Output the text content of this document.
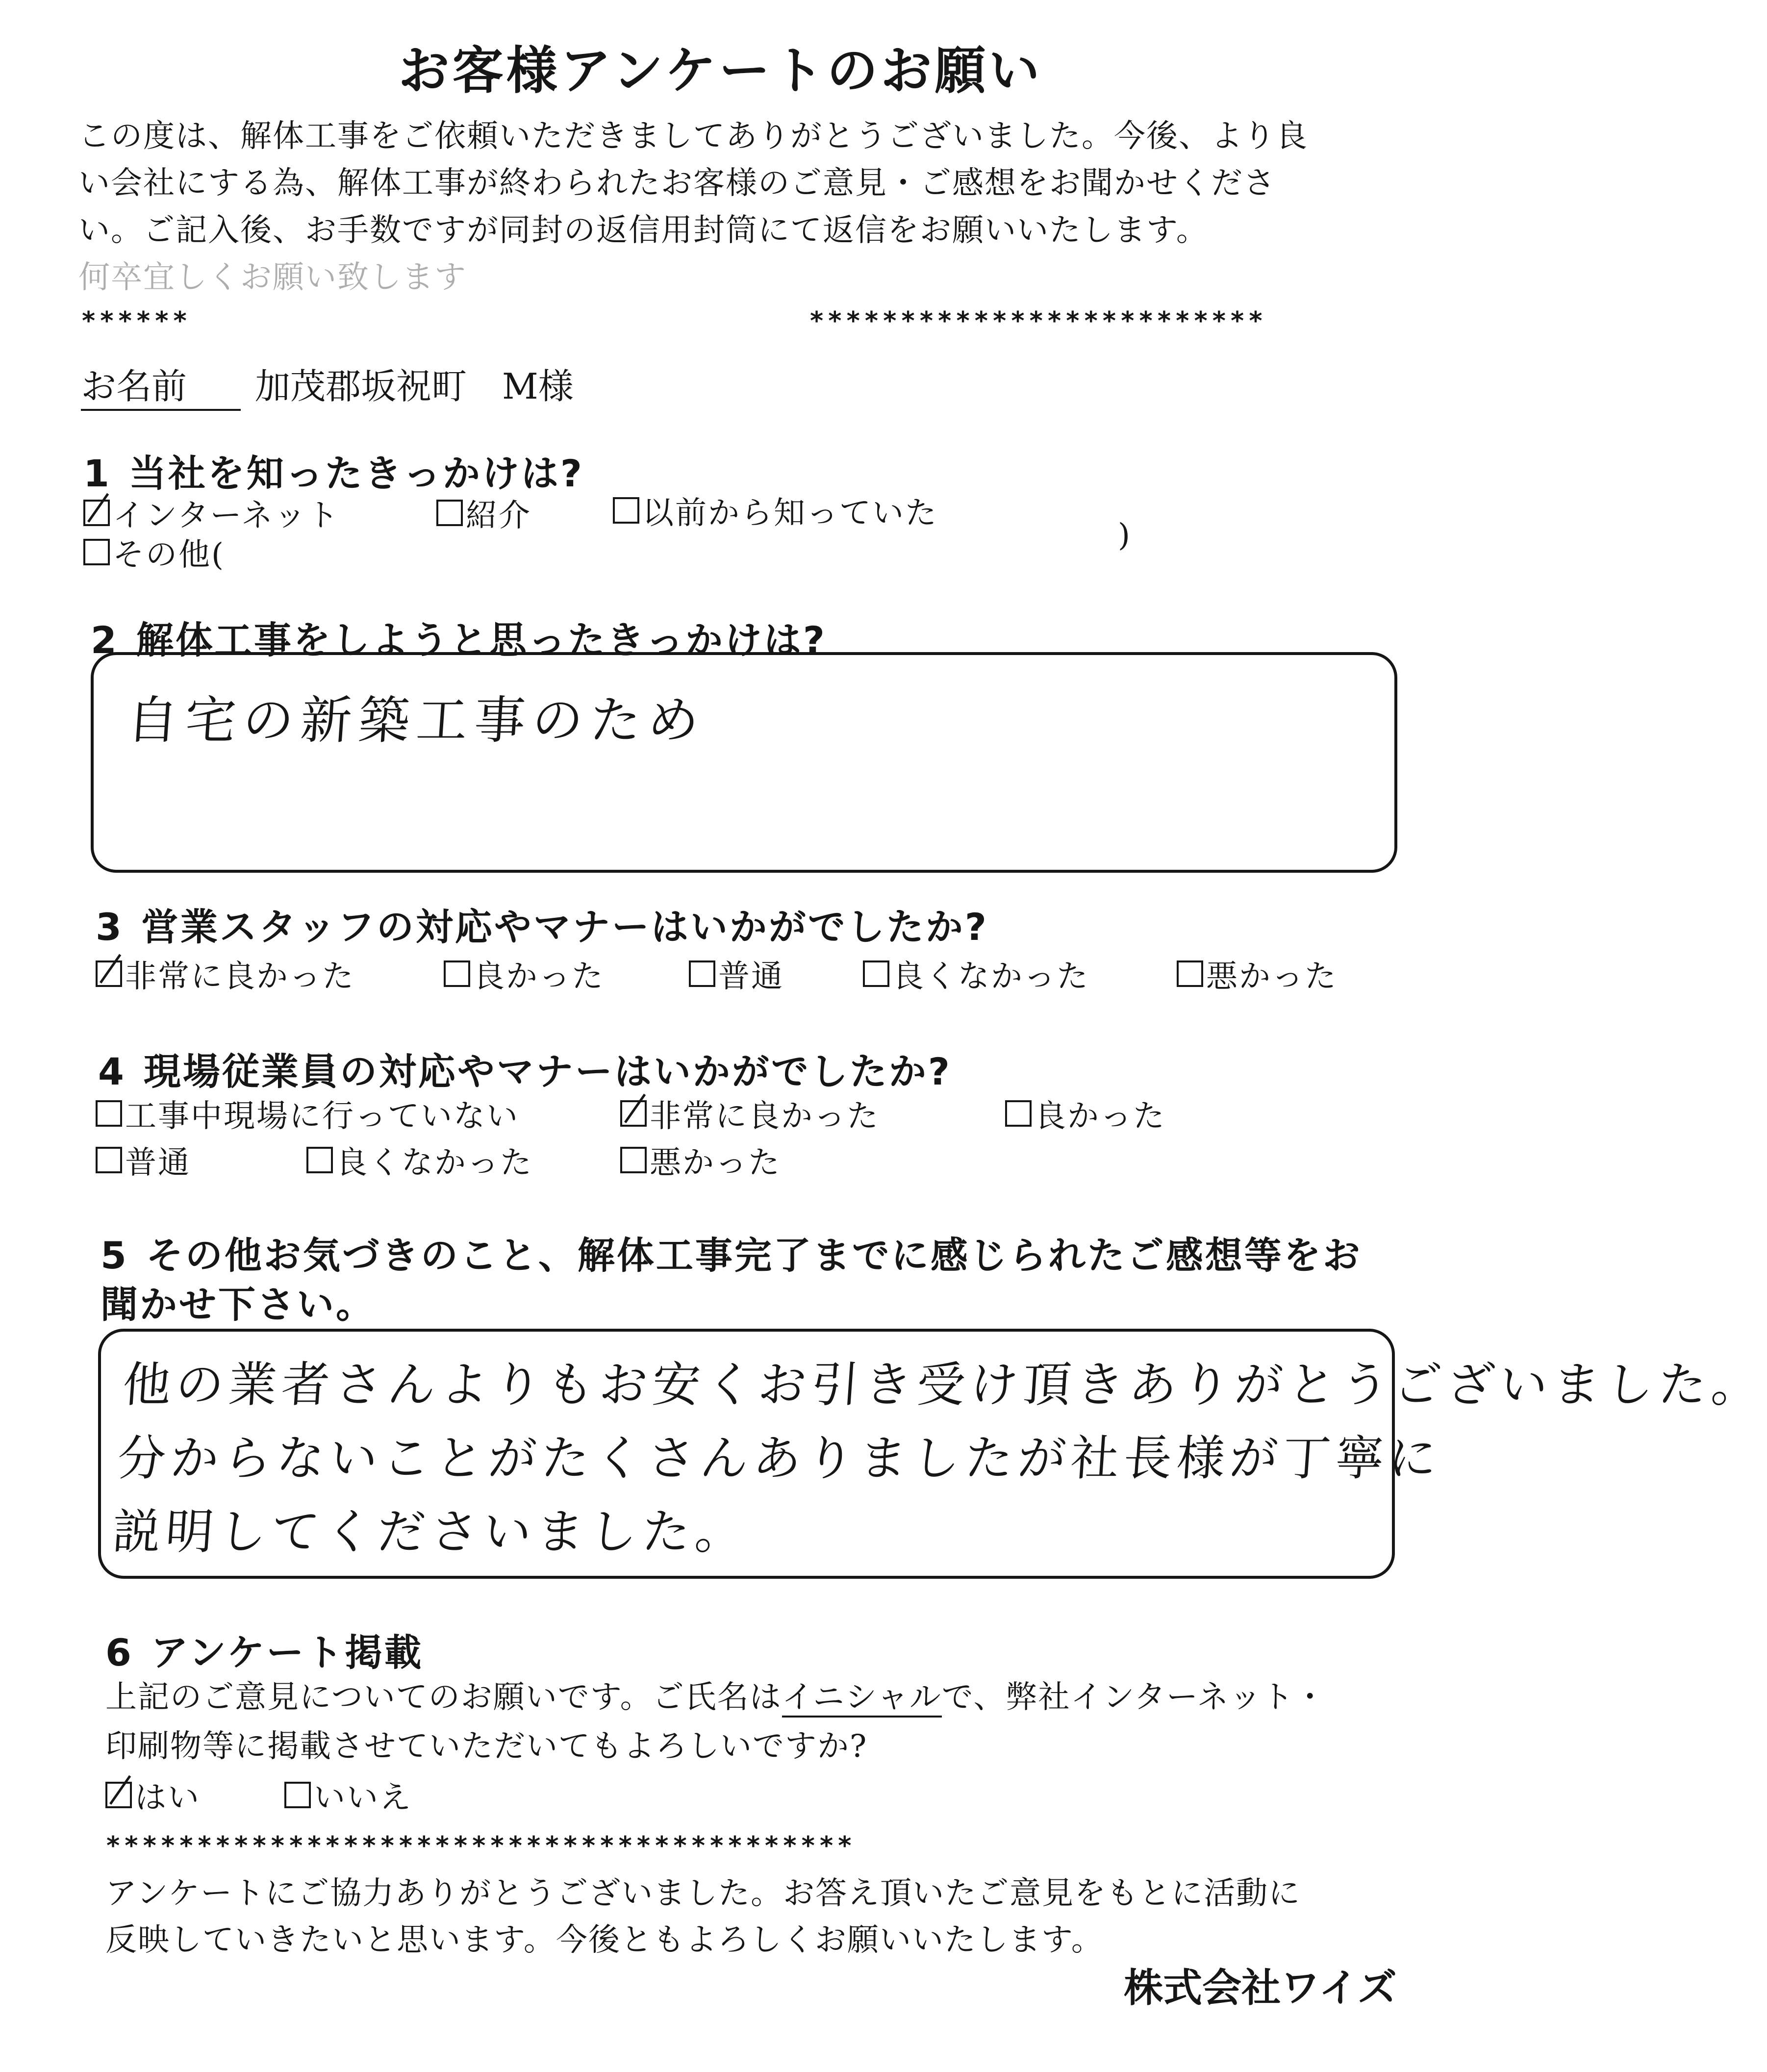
お客様アンケートのお願い
この度は、解体工事をご依頼いただきましてありがとうございました。今後、より良
い会社にする為、解体工事が終わられたお客様のご意見・ご感想をお聞かせくださ
い。ご記入後、お手数ですが同封の返信用封筒にて返信をお願いいたします。
何卒宜しくお願い致します
******	*************************
お名前	加茂郡坂祝町　M様
1 当社を知ったきっかけは?
インターネット	紹介	以前から知っていた
その他(
)
2 解体工事をしようと思ったきっかけは?
自宅の新築工事のため
3 営業スタッフの対応やマナーはいかがでしたか?
非常に良かった	良かった	普通	良くなかった	悪かった
4 現場従業員の対応やマナーはいかがでしたか?
工事中現場に行っていない	非常に良かった	良かった
普通	良くなかった	悪かった
5 その他お気づきのこと、解体工事完了までに感じられたご感想等をお
聞かせ下さい。
他の業者さんよりもお安くお引き受け頂きありがとうございました。
分からないことがたくさんありましたが社長様が丁寧に
説明してくださいました。
6 アンケート掲載
上記のご意見についてのお願いです。ご氏名はイニシャルで、弊社インターネット・
印刷物等に掲載させていただいてもよろしいですか?
はい	いいえ
*****************************************
アンケートにご協力ありがとうございました。お答え頂いたご意見をもとに活動に
反映していきたいと思います。今後ともよろしくお願いいたします。
株式会社ワイズ
